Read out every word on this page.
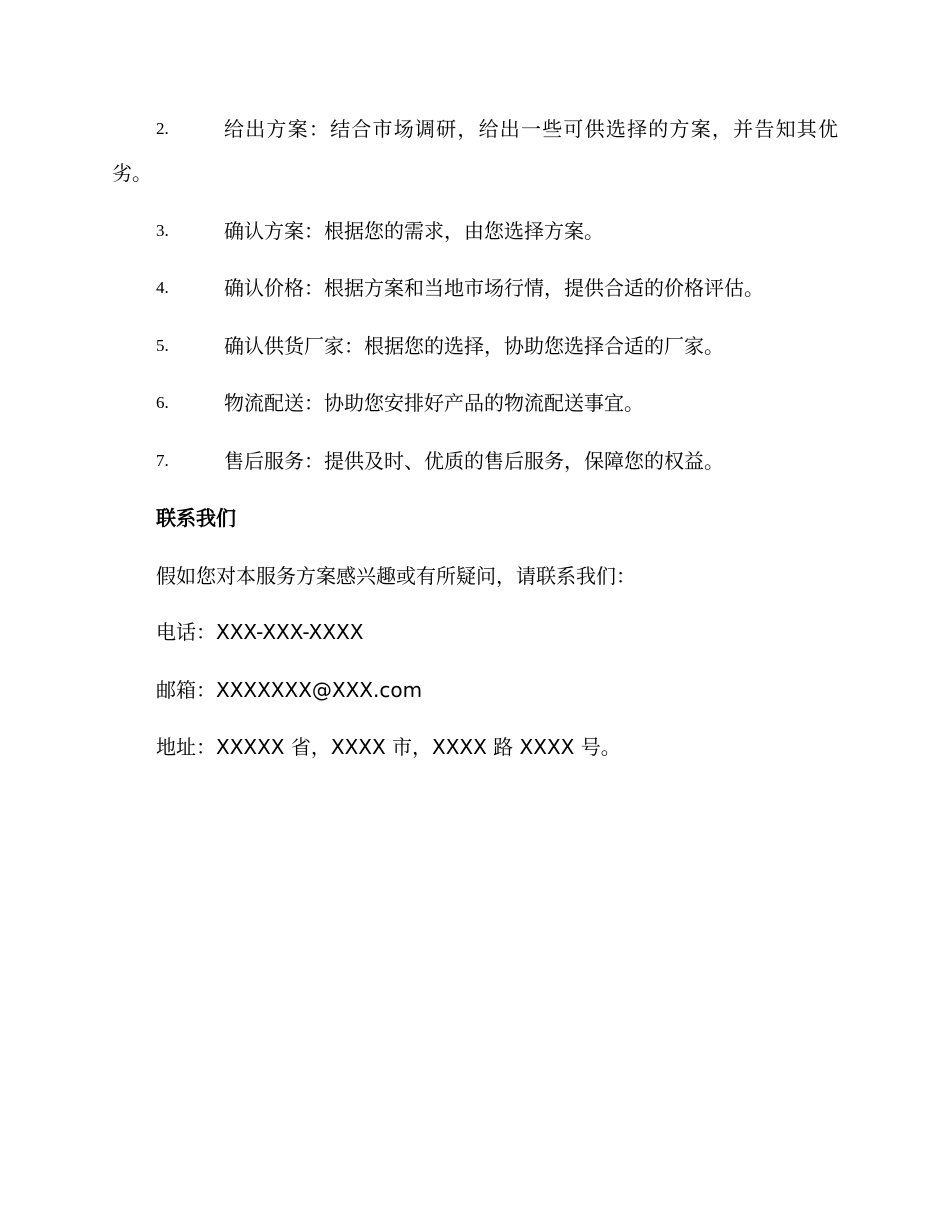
2.	给出方案：结合市场调研，给出一些可供选择的方案，并告知其优劣。
3.	确认方案：根据您的需求，由您选择方案。
4.	确认价格：根据方案和当地市场行情，提供合适的价格评估。
5.	确认供货厂家：根据您的选择，协助您选择合适的厂家。
6.	物流配送：协助您安排好产品的物流配送事宜。
7.	售后服务：提供及时、优质的售后服务，保障您的权益。
联系我们
假如您对本服务方案感兴趣或有所疑问，请联系我们：
电话：XXX-XXX-XXXX
邮箱：XXXXXXX@XXX.com
地址：XXXXX 省，XXXX 市，XXXX 路 XXXX 号。
